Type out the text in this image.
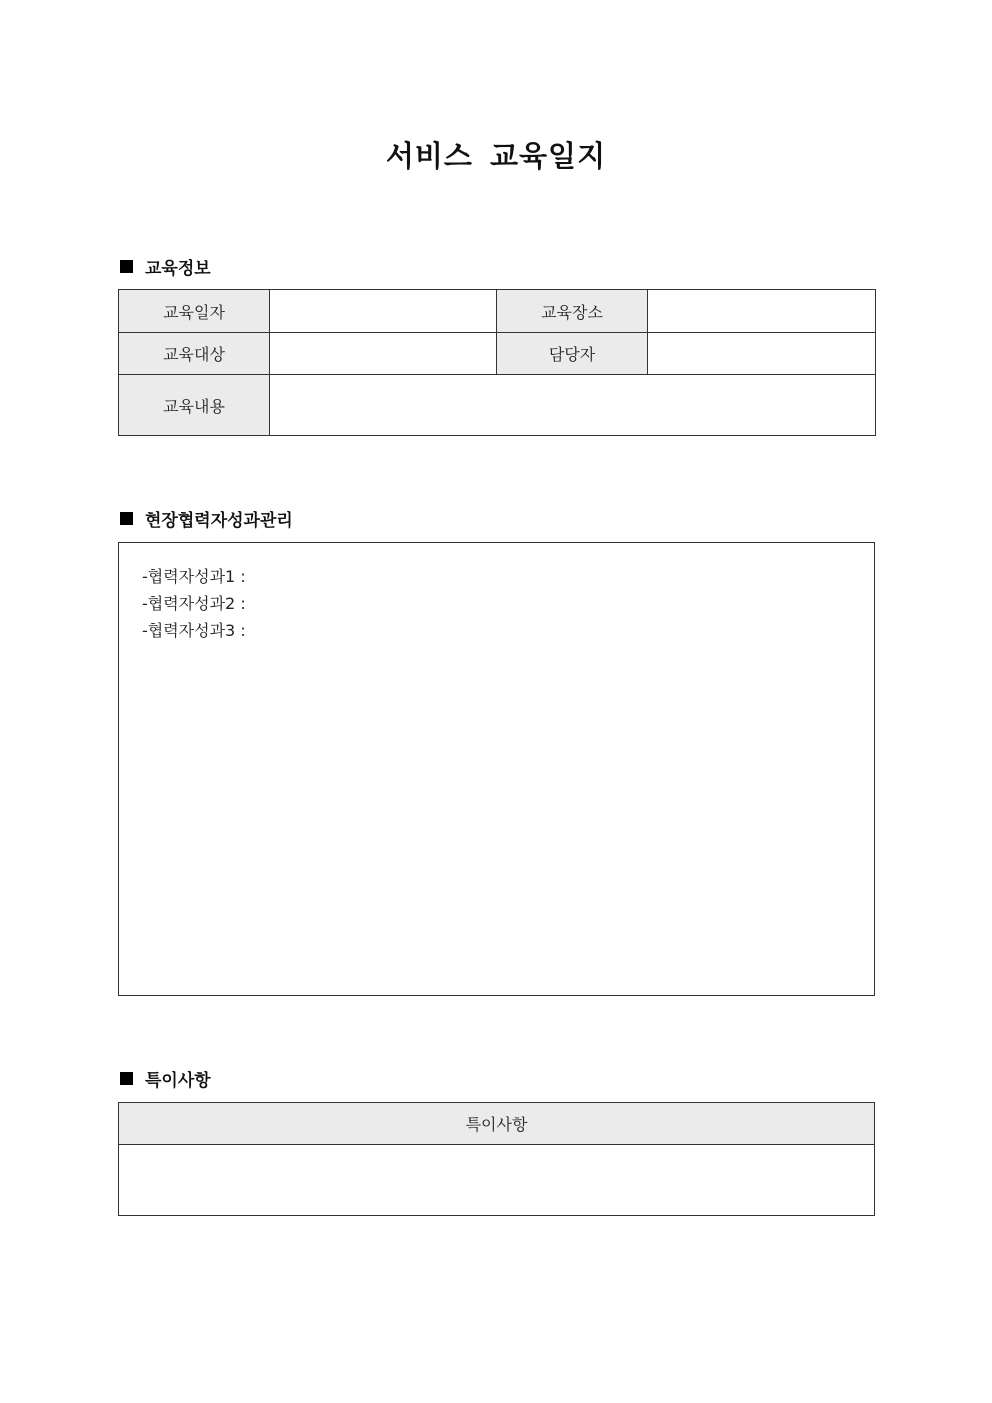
서비스 교육일지
교육정보
교육일자		교육장소	
교육대상		담당자	
교육내용			
현장협력자성과관리
-협력자성과1 :
-협력자성과2 :
-협력자성과3 :
특이사항
특이사항
